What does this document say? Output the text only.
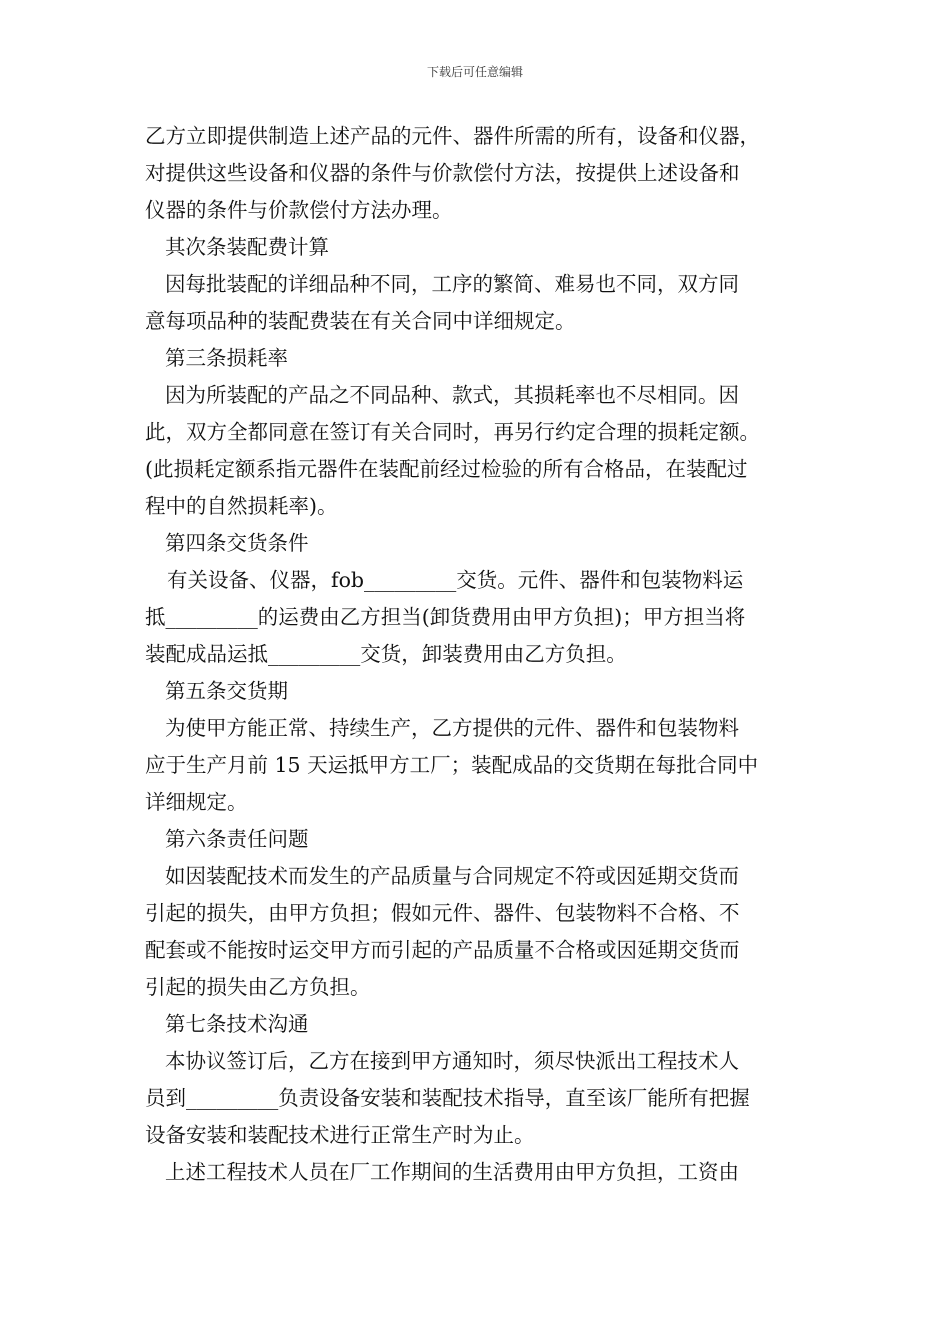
下载后可任意编辑
乙方立即提供制造上述产品的元件、器件所需的所有，设备和仪器，
对提供这些设备和仪器的条件与价款偿付方法，按提供上述设备和
仪器的条件与价款偿付方法办理。
其次条装配费计算
因每批装配的详细品种不同，工序的繁简、难易也不同，双方同
意每项品种的装配费装在有关合同中详细规定。
第三条损耗率
因为所装配的产品之不同品种、款式，其损耗率也不尽相同。因
此，双方全都同意在签订有关合同时，再另行约定合理的损耗定额。
(此损耗定额系指元器件在装配前经过检验的所有合格品，在装配过
程中的自然损耗率)。
第四条交货条件
有关设备、仪器，fob_________交货。元件、器件和包装物料运
抵_________的运费由乙方担当(卸货费用由甲方负担)；甲方担当将
装配成品运抵_________交货，卸装费用由乙方负担。
第五条交货期
为使甲方能正常、持续生产，乙方提供的元件、器件和包装物料
应于生产月前 15 天运抵甲方工厂；装配成品的交货期在每批合同中
详细规定。
第六条责任问题
如因装配技术而发生的产品质量与合同规定不符或因延期交货而
引起的损失，由甲方负担；假如元件、器件、包装物料不合格、不
配套或不能按时运交甲方而引起的产品质量不合格或因延期交货而
引起的损失由乙方负担。
第七条技术沟通
本协议签订后，乙方在接到甲方通知时，须尽快派出工程技术人
员到_________负责设备安装和装配技术指导，直至该厂能所有把握
设备安装和装配技术进行正常生产时为止。
上述工程技术人员在厂工作期间的生活费用由甲方负担，工资由
